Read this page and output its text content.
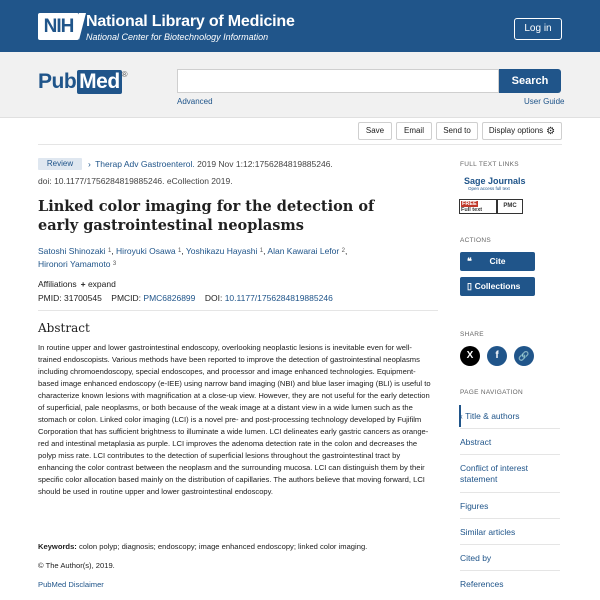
NIH National Library of Medicine
National Center for Biotechnology Information
Log in
Pub Med ®
Search
Advanced	User Guide
Save	Email	Send to	Display options ⚙
Review	› Therap Adv Gastroenterol. 2019 Nov 1:12:1756284819885246.
doi: 10.1177/1756284819885246. eCollection 2019.
Linked color imaging for the detection of early gastrointestinal neoplasms
Satoshi Shinozaki $^1$, Hiroyuki Osawa $^1$, Yoshikazu Hayashi $^1$, Alan Kawarai Lefor $^2$,
Hironori Yamamoto $^3$
Affiliations + expand
PMID: 31700545 PMCID: PMC6826899 DOI: 10.1177/1756284819885246
Abstract
In routine upper and lower gastrointestinal endoscopy, overlooking neoplastic lesions is inevitable even for well-trained endoscopists. Various methods have been reported to improve the detection of gastrointestinal neoplasms including chromoendoscopy, special endoscopes, and processor and image enhanced technologies. Equipment-based image enhanced endoscopy (e-IEE) using narrow band imaging (NBI) and blue laser imaging (BLI) is useful to characterize known lesions with magnification at a close-up view. However, they are not useful for the early detection of superficial, pale neoplasms, or both because of the weak image at a distant view in a wide lumen such as the stomach or colon. Linked color imaging (LCI) is a novel pre- and post-processing technology developed by Fujifilm Corporation that has sufficient brightness to illuminate a wide lumen. LCI delineates early gastric cancers as orange-red and intestinal metaplasia as purple. LCI improves the adenoma detection rate in the colon and decreases the polyp miss rate. LCI contributes to the detection of superficial lesions throughout the gastrointestinal tract by enhancing the color contrast between the neoplasm and the surrounding mucosa. LCI can distinguish them by their specific color allocation based mainly on the distribution of capillaries. The authors believe that moving forward, LCI should be used in routine upper and lower gastrointestinal endoscopy.
Keywords: colon polyp; diagnosis; endoscopy; image enhanced endoscopy; linked color imaging.
© The Author(s), 2019.
PubMed Disclaimer
FULL TEXT LINKS
Sage Journals
Open access full text
FREE
Full text
PMC
ACTIONS
Cite
❝
Collections
▯
SHARE
X	f	🔗
PAGE NAVIGATION
‹ Title & authors
Abstract
Conflict of interest statement
Figures
Similar articles
Cited by
References
